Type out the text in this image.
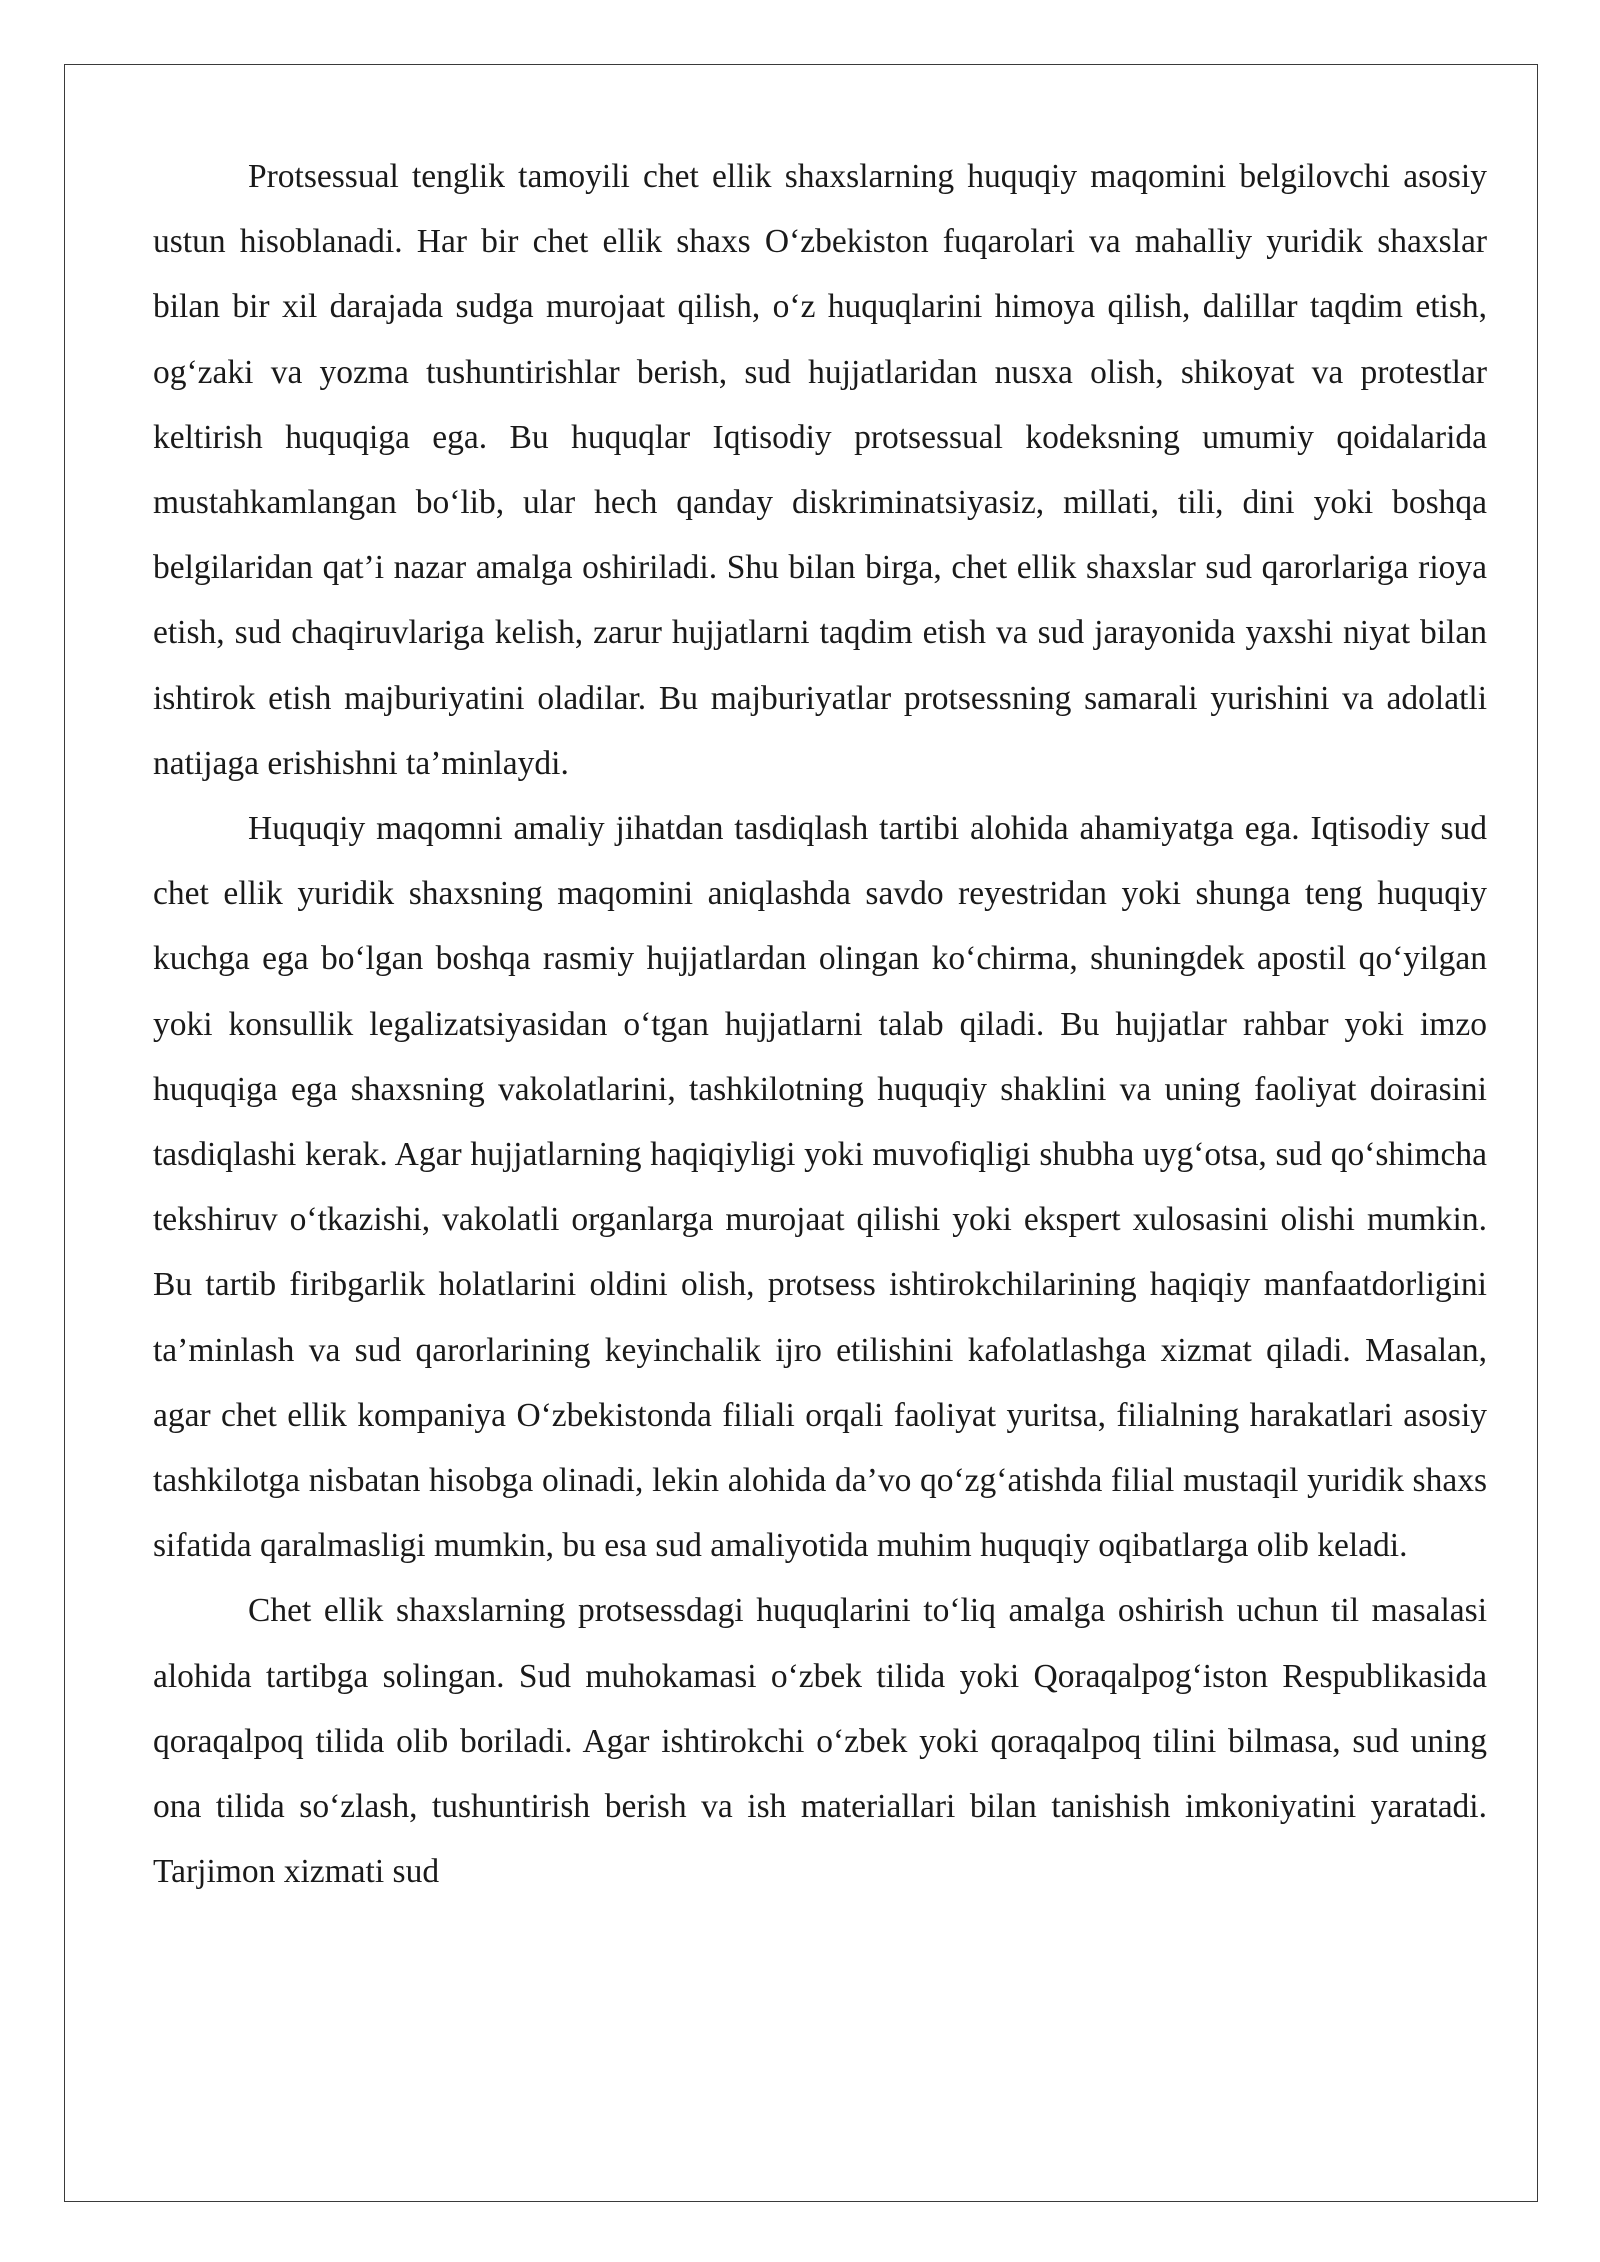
Protsessual tenglik tamoyili chet ellik shaxslarning huquqiy maqomini belgilovchi asosiy ustun hisoblanadi. Har bir chet ellik shaxs O‘zbekiston fuqarolari va mahalliy yuridik shaxslar bilan bir xil darajada sudga murojaat qilish, o‘z huquqlarini himoya qilish, dalillar taqdim etish, og‘zaki va yozma tushuntirishlar berish, sud hujjatlaridan nusxa olish, shikoyat va protestlar keltirish huquqiga ega. Bu huquqlar Iqtisodiy protsessual kodeksning umumiy qoidalarida mustahkamlangan bo‘lib, ular hech qanday diskriminatsiyasiz, millati, tili, dini yoki boshqa belgilaridan qat’i nazar amalga oshiriladi. Shu bilan birga, chet ellik shaxslar sud qarorlariga rioya etish, sud chaqiruvlariga kelish, zarur hujjatlarni taqdim etish va sud jarayonida yaxshi niyat bilan ishtirok etish majburiyatini oladilar. Bu majburiyatlar protsessning samarali yurishini va adolatli natijaga erishishni ta’minlaydi.

Huquqiy maqomni amaliy jihatdan tasdiqlash tartibi alohida ahamiyatga ega. Iqtisodiy sud chet ellik yuridik shaxsning maqomini aniqlashda savdo reyestridan yoki shunga teng huquqiy kuchga ega bo‘lgan boshqa rasmiy hujjatlardan olingan ko‘chirma, shuningdek apostil qo‘yilgan yoki konsullik legalizatsiyasidan o‘tgan hujjatlarni talab qiladi. Bu hujjatlar rahbar yoki imzo huquqiga ega shaxsning vakolatlarini, tashkilotning huquqiy shaklini va uning faoliyat doirasini tasdiqlashi kerak. Agar hujjatlarning haqiqiyligi yoki muvofiqligi shubha uyg‘otsa, sud qo‘shimcha tekshiruv o‘tkazishi, vakolatli organlarga murojaat qilishi yoki ekspert xulosasini olishi mumkin. Bu tartib firibgarlik holatlarini oldini olish, protsess ishtirokchilarining haqiqiy manfaatdorligini ta’minlash va sud qarorlarining keyinchalik ijro etilishini kafolatlashga xizmat qiladi. Masalan, agar chet ellik kompaniya O‘zbekistonda filiali orqali faoliyat yuritsa, filialning harakatlari asosiy tashkilotga nisbatan hisobga olinadi, lekin alohida da’vo qo‘zg‘atishda filial mustaqil yuridik shaxs sifatida qaralmasligi mumkin, bu esa sud amaliyotida muhim huquqiy oqibatlarga olib keladi.

Chet ellik shaxslarning protsessdagi huquqlarini to‘liq amalga oshirish uchun til masalasi alohida tartibga solingan. Sud muhokamasi o‘zbek tilida yoki Qoraqalpog‘iston Respublikasida qoraqalpoq tilida olib boriladi. Agar ishtirokchi o‘zbek yoki qoraqalpoq tilini bilmasa, sud uning ona tilida so‘zlash, tushuntirish berish va ish materiallari bilan tanishish imkoniyatini yaratadi. Tarjimon xizmati sud
